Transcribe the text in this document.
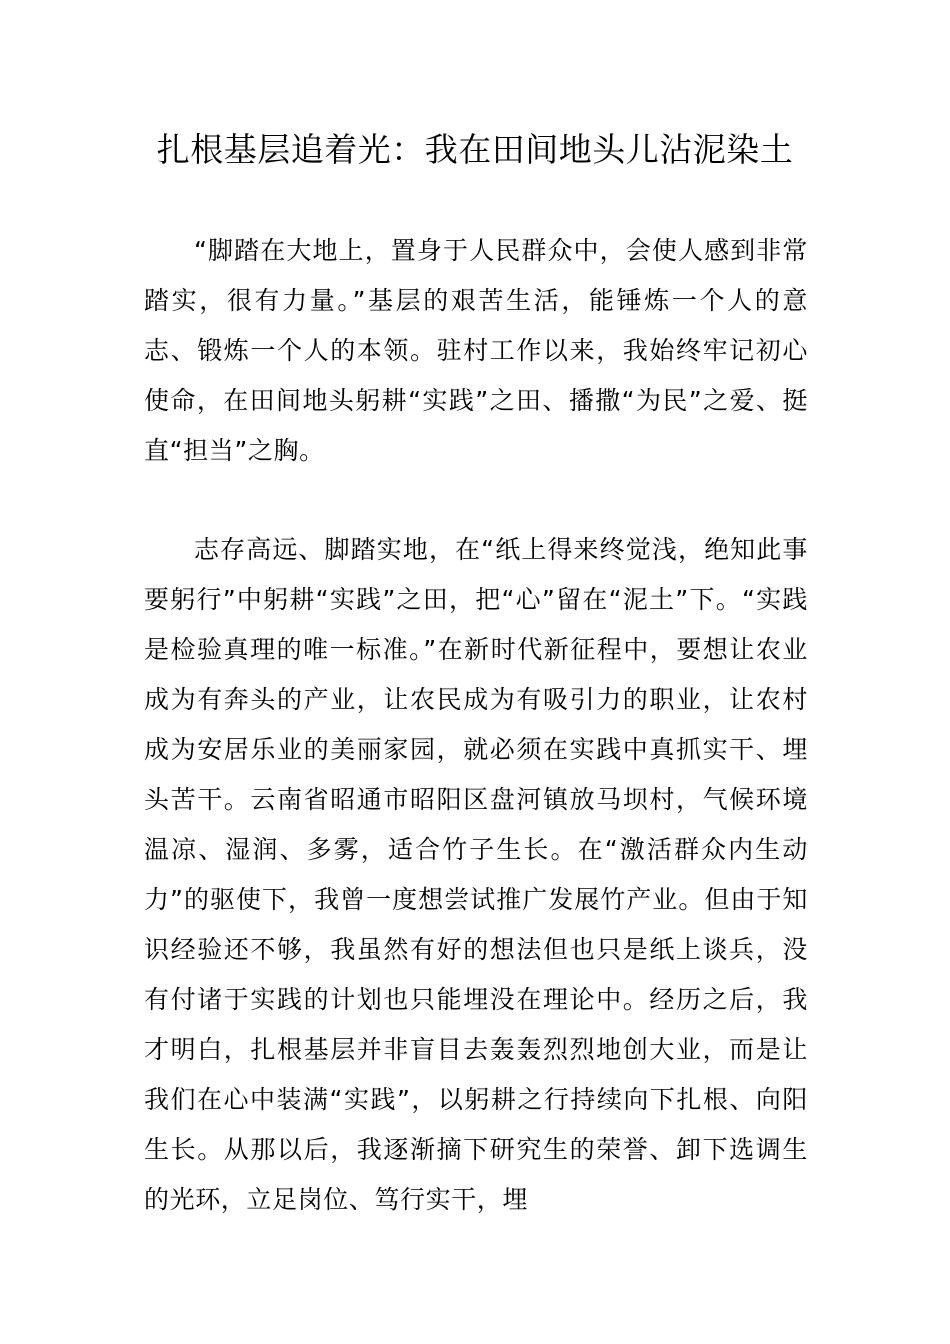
扎根基层追着光：我在田间地头儿沾泥染土

“脚踏在大地上，置身于人民群众中，会使人感到非常踏实，很有力量。”基层的艰苦生活，能锤炼一个人的意志、锻炼一个人的本领。驻村工作以来，我始终牢记初心使命，在田间地头躬耕“实践”之田、播撒“为民”之爱、挺直“担当”之胸。

志存高远、脚踏实地，在“纸上得来终觉浅，绝知此事要躬行”中躬耕“实践”之田，把“心”留在“泥土”下。“实践是检验真理的唯一标准。”在新时代新征程中，要想让农业成为有奔头的产业，让农民成为有吸引力的职业，让农村成为安居乐业的美丽家园，就必须在实践中真抓实干、埋头苦干。云南省昭通市昭阳区盘河镇放马坝村，气候环境温凉、湿润、多雾，适合竹子生长。在“激活群众内生动力”的驱使下，我曾一度想尝试推广发展竹产业。但由于知识经验还不够，我虽然有好的想法但也只是纸上谈兵，没有付诸于实践的计划也只能埋没在理论中。经历之后，我才明白，扎根基层并非盲目去轰轰烈烈地创大业，而是让我们在心中装满“实践”，以躬耕之行持续向下扎根、向阳生长。从那以后，我逐渐摘下研究生的荣誉、卸下选调生的光环，立足岗位、笃行实干，埋
